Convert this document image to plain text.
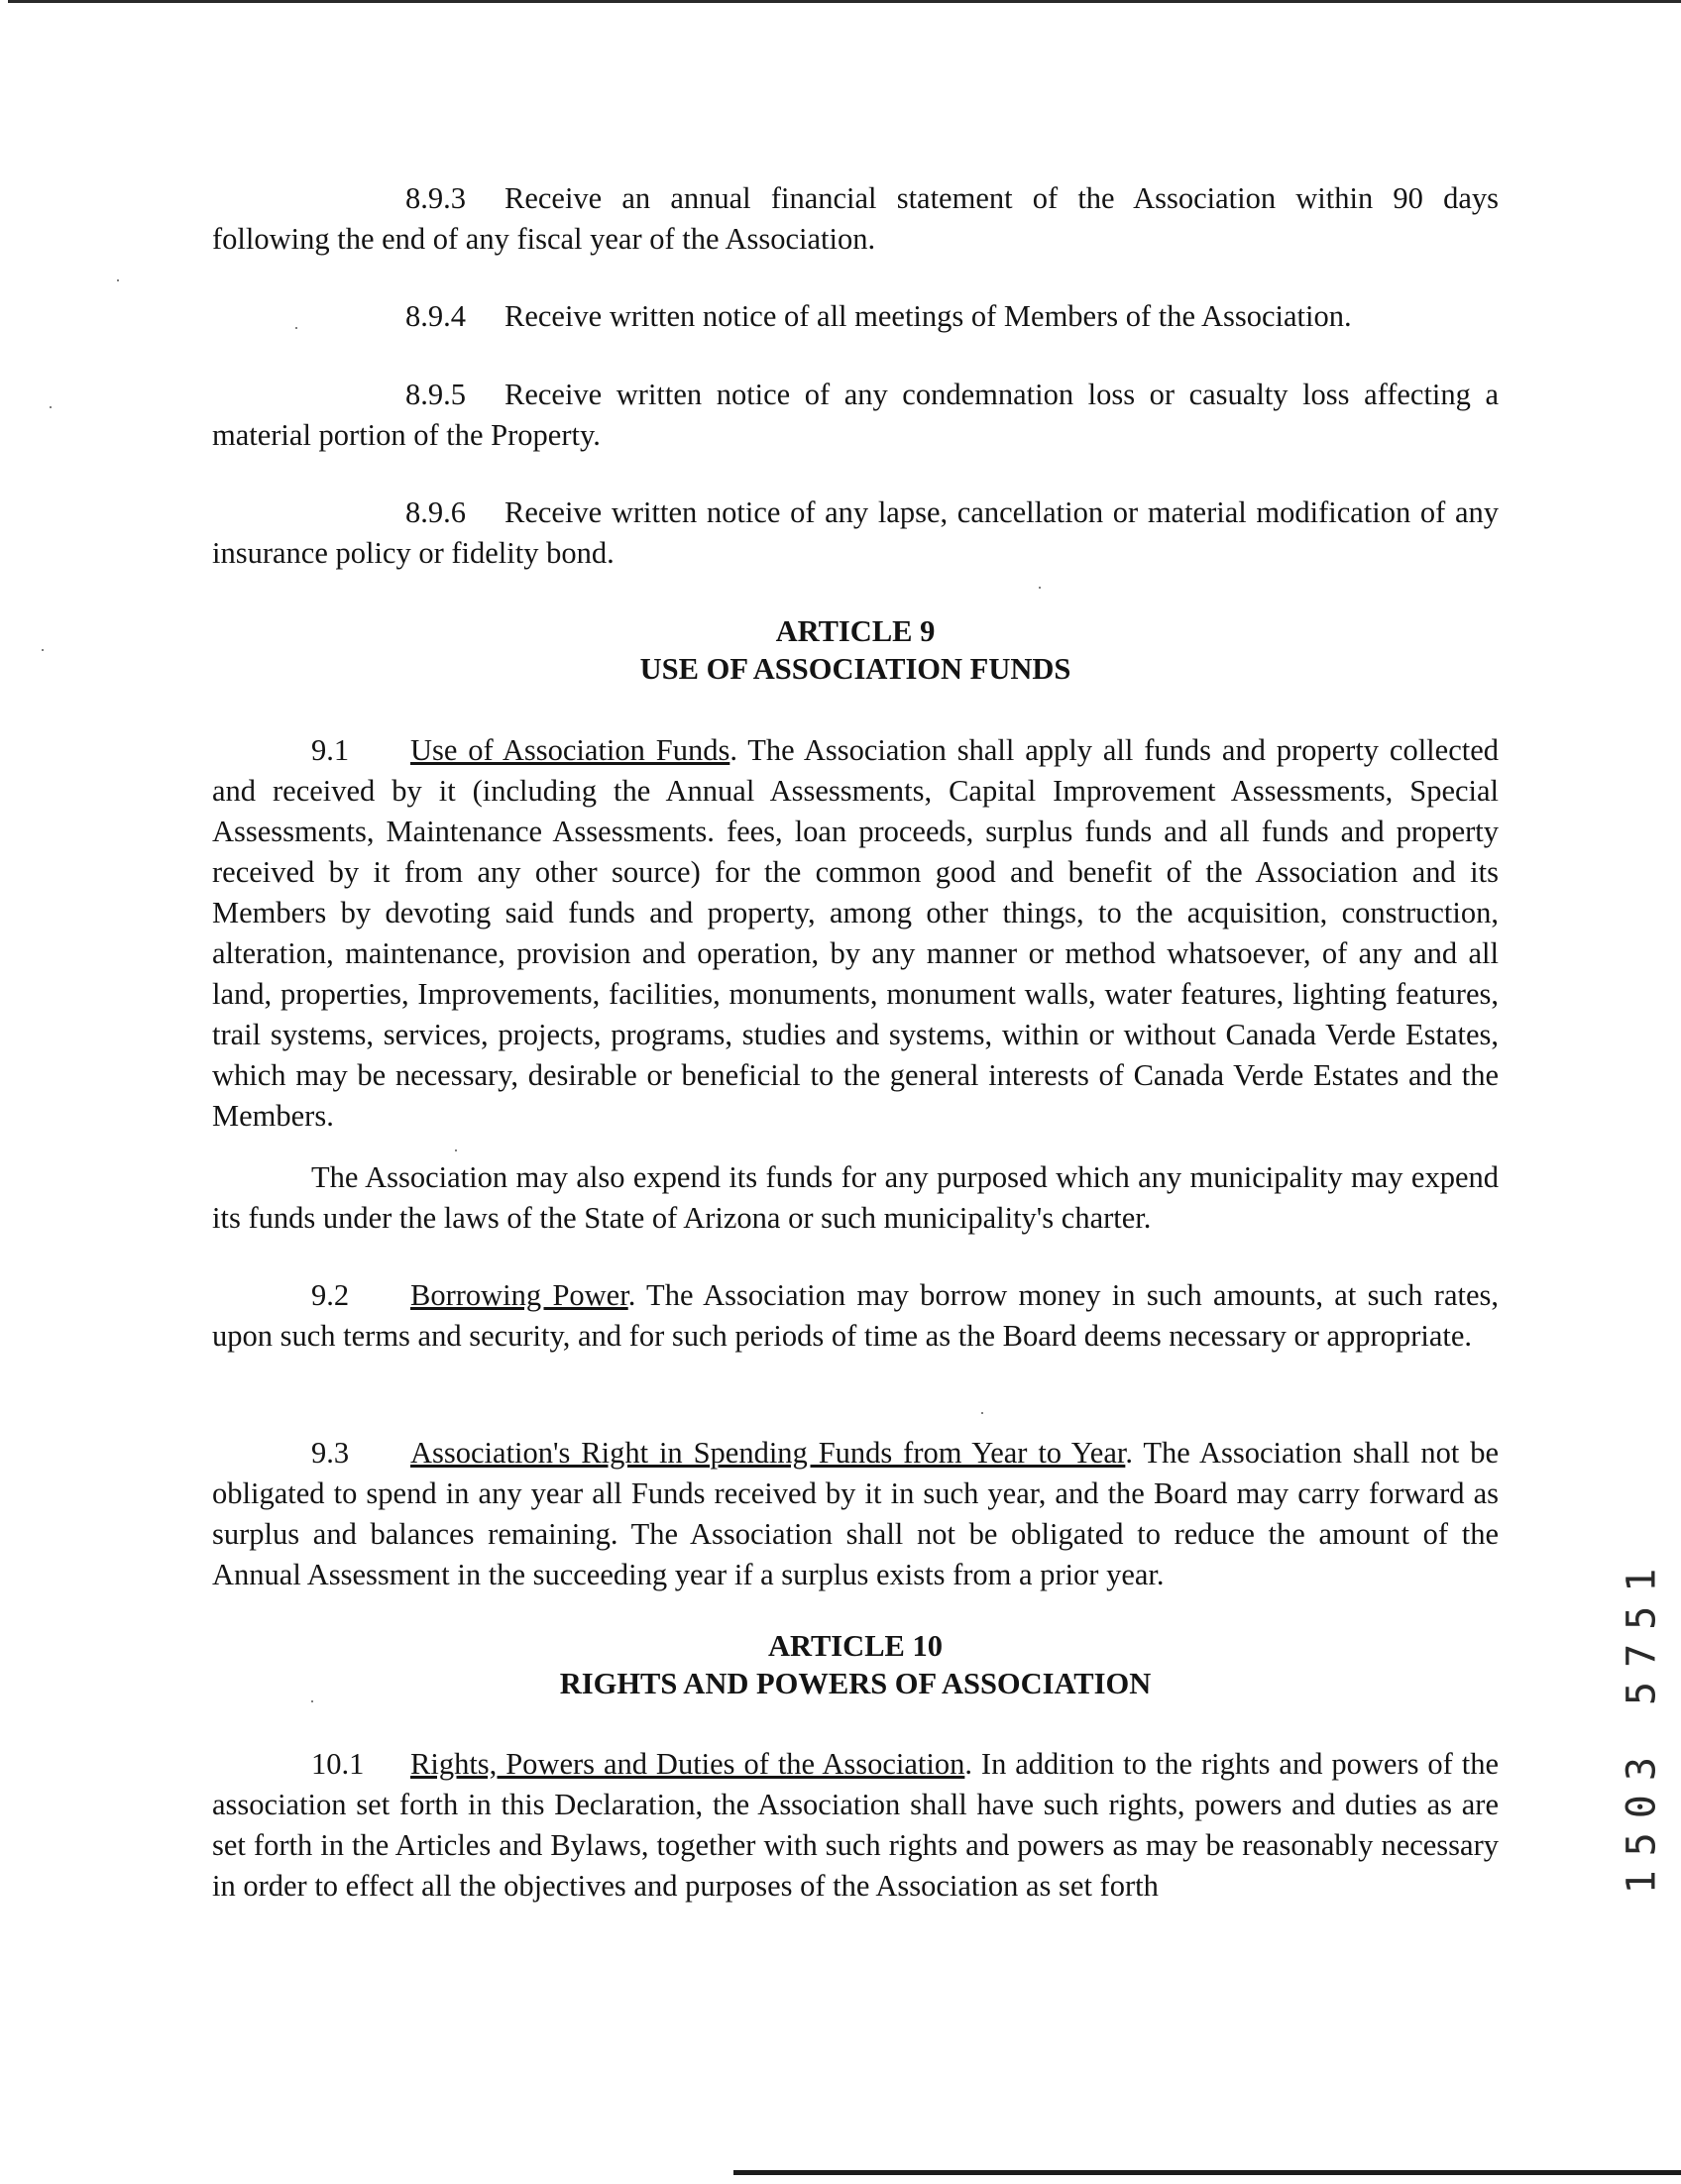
8.9.3 Receive an annual financial statement of the Association within 90 days following the end of any fiscal year of the Association.

8.9.4 Receive written notice of all meetings of Members of the Association.

8.9.5 Receive written notice of any condemnation loss or casualty loss affecting a material portion of the Property.

8.9.6 Receive written notice of any lapse, cancellation or material modification of any insurance policy or fidelity bond.

ARTICLE 9
USE OF ASSOCIATION FUNDS

9.1 Use of Association Funds. The Association shall apply all funds and property collected and received by it (including the Annual Assessments, Capital Improvement Assessments, Special Assessments, Maintenance Assessments. fees, loan proceeds, surplus funds and all funds and property received by it from any other source) for the common good and benefit of the Association and its Members by devoting said funds and property, among other things, to the acquisition, construction, alteration, maintenance, provision and operation, by any manner or method whatsoever, of any and all land, properties, Improvements, facilities, monuments, monument walls, water features, lighting features, trail systems, services, projects, programs, studies and systems, within or without Canada Verde Estates, which may be necessary, desirable or beneficial to the general interests of Canada Verde Estates and the Members.

The Association may also expend its funds for any purposed which any municipality may expend its funds under the laws of the State of Arizona or such municipality's charter.

9.2 Borrowing Power. The Association may borrow money in such amounts, at such rates, upon such terms and security, and for such periods of time as the Board deems necessary or appropriate.

9.3 Association's Right in Spending Funds from Year to Year. The Association shall not be obligated to spend in any year all Funds received by it in such year, and the Board may carry forward as surplus and balances remaining. The Association shall not be obligated to reduce the amount of the Annual Assessment in the succeeding year if a surplus exists from a prior year.

ARTICLE 10
RIGHTS AND POWERS OF ASSOCIATION

10.1 Rights, Powers and Duties of the Association. In addition to the rights and powers of the association set forth in this Declaration, the Association shall have such rights, powers and duties as are set forth in the Articles and Bylaws, together with such rights and powers as may be reasonably necessary in order to effect all the objectives and purposes of the Association as set forth	1503 5751
